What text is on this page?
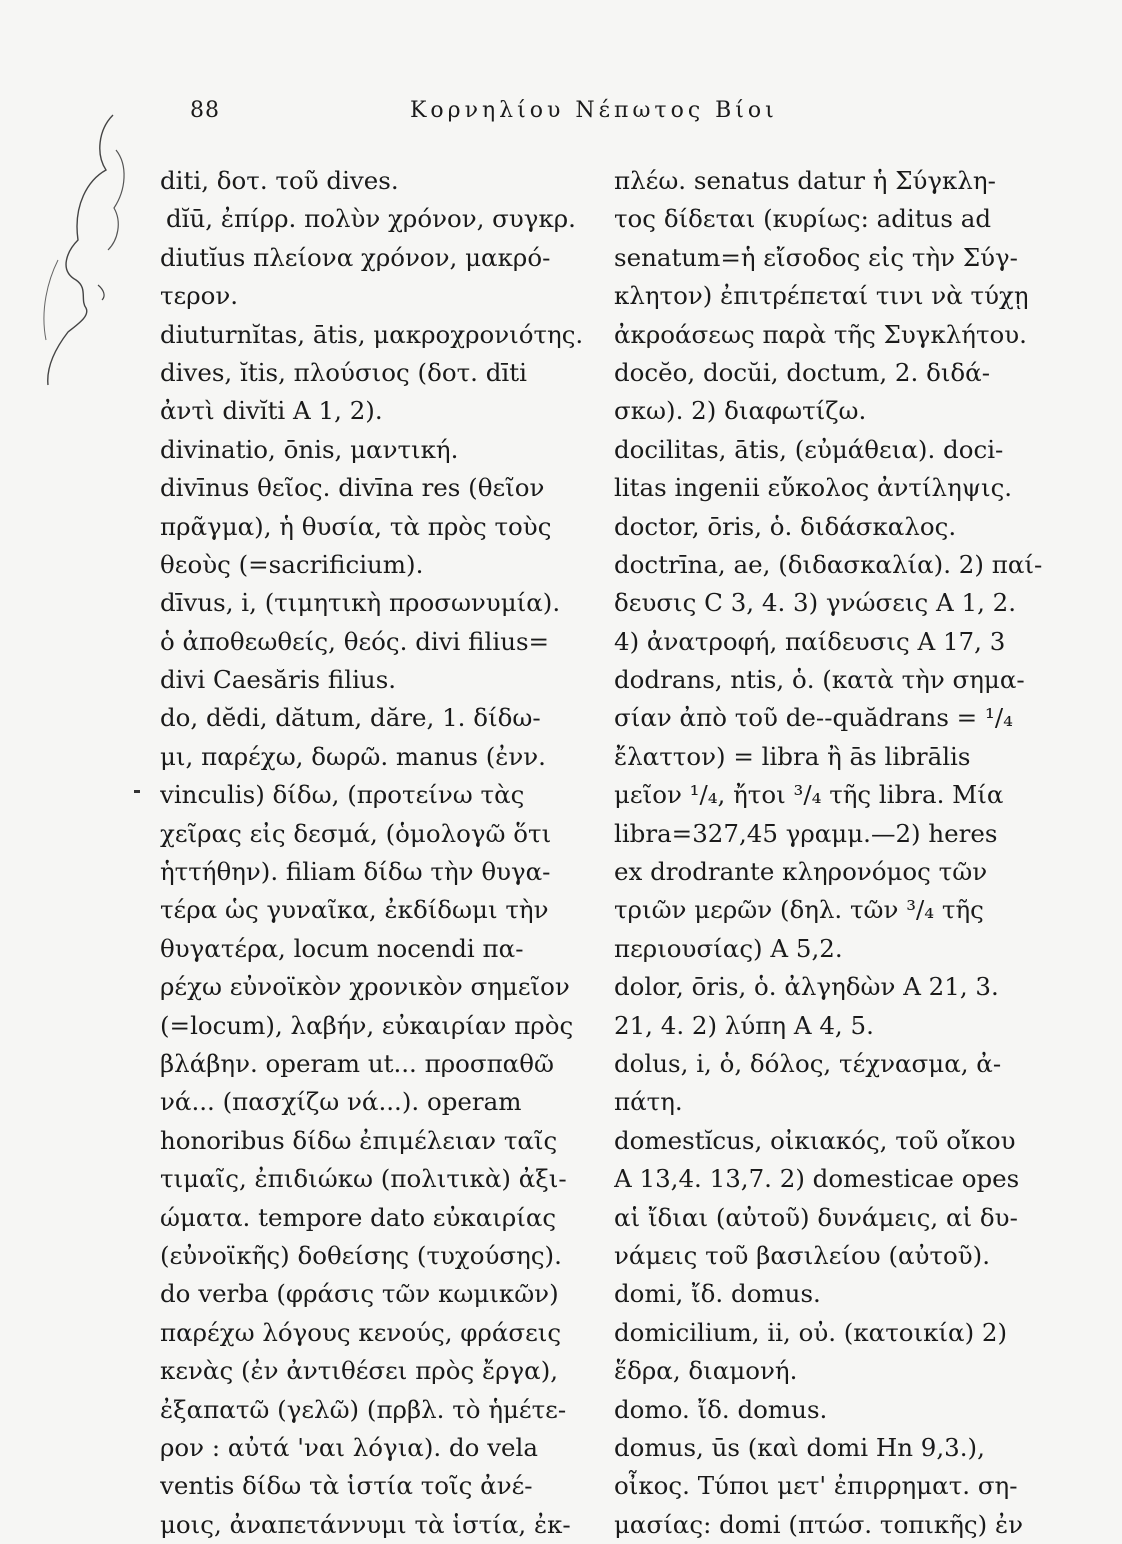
88	Κορνηλίου Νέπωτος Βίοι
diti, δοτ. τοῦ dives.
dĭū, ἐπίρρ. πολὺν χρόνον, συγκρ.
diutĭus πλείονα χρόνον, μακρό-
τερον.
diuturnĭtas, ātis, μακροχρονιότης.
dives, ĭtis, πλούσιος (δοτ. dīti
ἀντὶ divĭti A 1, 2).
divinatio, ōnis, μαντική.
divīnus θεῖος. divīna res (θεῖον
πρᾶγμα), ἡ θυσία, τὰ πρὸς τοὺς
θεοὺς (=sacrificium).
dīvus, i, (τιμητικὴ προσωνυμία).
ὁ ἀποθεωθείς, θεός. divi filius=
divi Caesăris filius.
do, dĕdi, dătum, dăre, 1. δίδω-
μι, παρέχω, δωρῶ. manus (ἐνν.
vinculis) δίδω, (προτείνω τὰς
χεῖρας εἰς δεσμά, (ὁμολογῶ ὅτι
ἡττήθην). filiam δίδω τὴν θυγα-
τέρα ὡς γυναῖκα, ἐκδίδωμι τὴν
θυγατέρα, locum nocendi πα-
ρέχω εὐνοϊκὸν χρονικὸν σημεῖον
(=locum), λαβήν, εὐκαιρίαν πρὸς
βλάβην. operam ut... προσπαθῶ
νά... (πασχίζω νά...). operam
honoribus δίδω ἐπιμέλειαν ταῖς
τιμαῖς, ἐπιδιώκω (πολιτικὰ) ἀξι-
ώματα. tempore dato εὐκαιρίας
(εὐνοϊκῆς) δοθείσης (τυχούσης).
do verba (φράσις τῶν κωμικῶν)
παρέχω λόγους κενούς, φράσεις
κενὰς (ἐν ἀντιθέσει πρὸς ἔργα),
ἐξαπατῶ (γελῶ) (πρβλ. τὸ ἡμέτε-
ρον : αὐτά 'ναι λόγια). do vela
ventis δίδω τὰ ἱστία τοῖς ἀνέ-
μοις, ἀναπετάννυμι τὰ ἱστία, ἐκ-
πλέω. senatus datur ἡ Σύγκλη-
τος δίδεται (κυρίως: aditus ad
senatum=ἡ εἴσοδος εἰς τὴν Σύγ-
κλητον) ἐπιτρέπεταί τινι νὰ τύχῃ
ἀκροάσεως παρὰ τῆς Συγκλήτου.
docĕo, docŭi, doctum, 2. διδά-
σκω). 2) διαφωτίζω.
docilitas, ātis, (εὐμάθεια). doci-
litas ingenii εὔκολος ἀντίληψις.
doctor, ōris, ὁ. διδάσκαλος.
doctrīna, ae, (διδασκαλία). 2) παί-
δευσις C 3, 4. 3) γνώσεις A 1, 2.
4) ἀνατροφή, παίδευσις A 17, 3
dodrans, ntis, ὁ. (κατὰ τὴν σημα-
σίαν ἀπὸ τοῦ de--quădrans = ¹/₄
ἔλαττον) = libra ἢ ās librālis
μεῖον ¹/₄, ἤτοι ³/₄ τῆς libra. Μία
libra=327,45 γραμμ.—2) heres
ex drodrante κληρονόμος τῶν
τριῶν μερῶν (δηλ. τῶν ³/₄ τῆς
περιουσίας) A 5,2.
dolor, ōris, ὁ. ἀλγηδὼν A 21, 3.
21, 4. 2) λύπη A 4, 5.
dolus, i, ὁ, δόλος, τέχνασμα, ἀ-
πάτη.
domestĭcus, οἰκιακός, τοῦ οἴκου
A 13,4. 13,7. 2) domesticae opes
αἱ ἴδιαι (αὐτοῦ) δυνάμεις, αἱ δυ-
νάμεις τοῦ βασιλείου (αὐτοῦ).
domi, ἴδ. domus.
domicilium, ii, οὐ. (κατοικία) 2)
ἕδρα, διαμονή.
domo. ἴδ. domus.
domus, ūs (καὶ domi Hn 9,3.),
οἶκος. Τύποι μετ' ἐπιρρηματ. ση-
μασίας: domi (πτώσ. τοπικῆς) ἐν
